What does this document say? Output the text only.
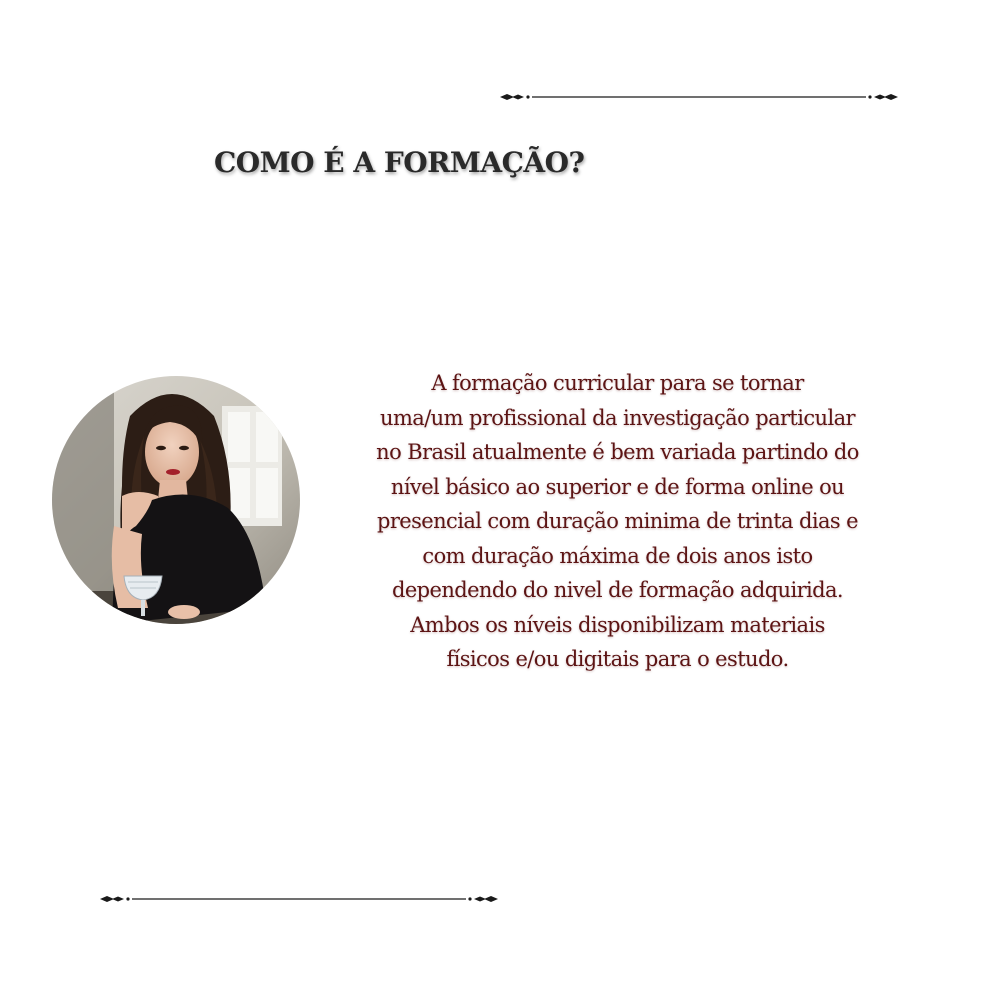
COMO É A FORMAÇÃO?

A formação curricular para se tornar
uma/um profissional da investigação particular
no Brasil atualmente é bem variada partindo do
nível básico ao superior e de forma online ou
presencial com duração minima de trinta dias e
com duração máxima de dois anos isto
dependendo do nivel de formação adquirida.
Ambos os níveis disponibilizam materiais
físicos e/ou digitais para o estudo.
